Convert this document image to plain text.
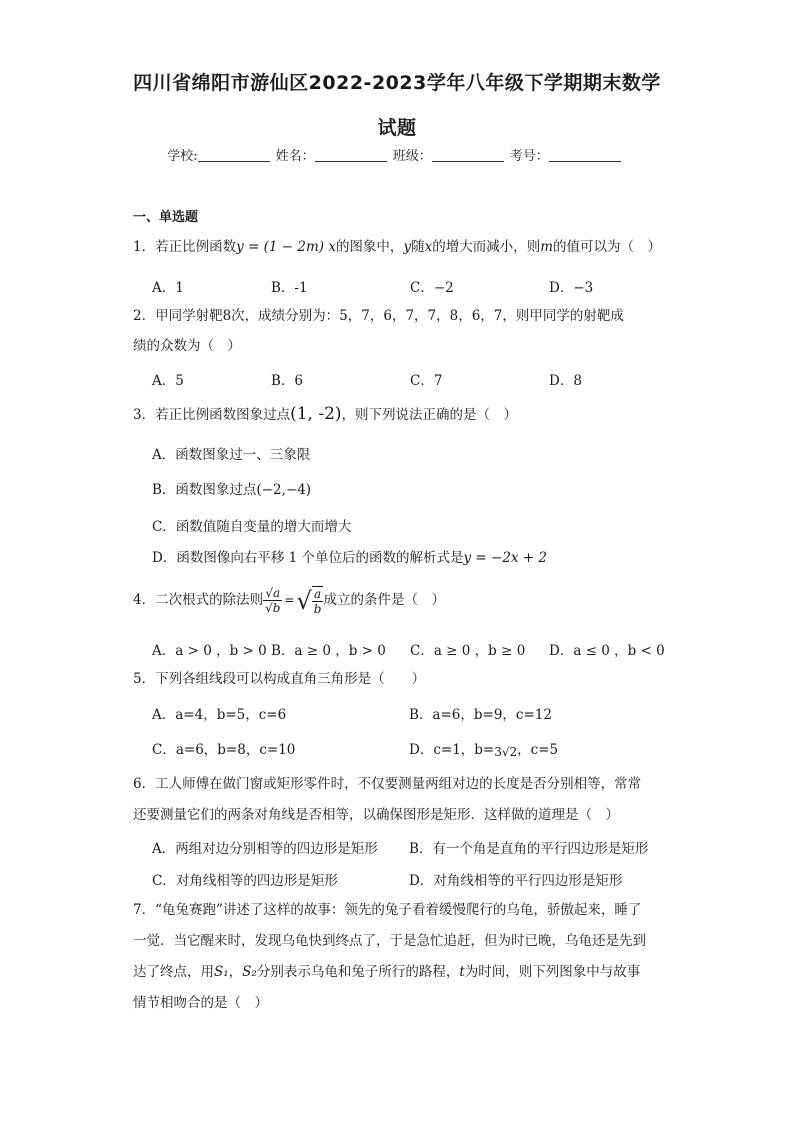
四川省绵阳市游仙区2022-2023学年八年级下学期期末数学
试题
学校:	姓名：	班级：	考号：
一、单选题
1．若正比例函数y = (1 − 2m) x的图象中，y随x的增大而减小，则m的值可以为（　）
A．1	B．-1	C．−2	D．−3
2．甲同学射靶8次，成绩分别为：5，7，6，7，7，8，6，7，则甲同学的射靶成
绩的众数为（　）
A．5	B．6	C．7	D．8
3．若正比例函数图象过点(1, -2)，则下列说法正确的是（　）
A．函数图象过一、三象限
B．函数图象过点(−2,−4)
C．函数值随自变量的增大而增大
D．函数图像向右平移 1 个单位后的函数的解析式是y = −2x + 2
4．二次根式的除法则 $\frac{√a}{√b}$ =√ $\frac{a}{b}$ 成立的条件是（　）
A．a > 0 ，b > 0 B．a ≥ 0 ，b > 0 C．a ≥ 0 ，b ≥ 0 D．a ≤ 0 ，b < 0
5．下列各组线段可以构成直角三角形是（　　）
A．a=4，b=5，c=6	B．a=6，b=9，c=12
C．a=6，b=8，c=10	D．c=1，b=3√2，c=5
6．工人师傅在做门窗或矩形零件时，不仅要测量两组对边的长度是否分别相等，常常
还要测量它们的两条对角线是否相等，以确保图形是矩形．这样做的道理是（　）
A．两组对边分别相等的四边形是矩形 B．有一个角是直角的平行四边形是矩形
C．对角线相等的四边形是矩形	D．对角线相等的平行四边形是矩形
7．“龟兔赛跑”讲述了这样的故事：领先的兔子看着缓慢爬行的乌龟，骄傲起来，睡了
一觉．当它醒来时，发现乌龟快到终点了，于是急忙追赶，但为时已晚，乌龟还是先到
达了终点，用S₁，S₂分别表示乌龟和兔子所行的路程，t为时间，则下列图象中与故事
情节相吻合的是（　）
